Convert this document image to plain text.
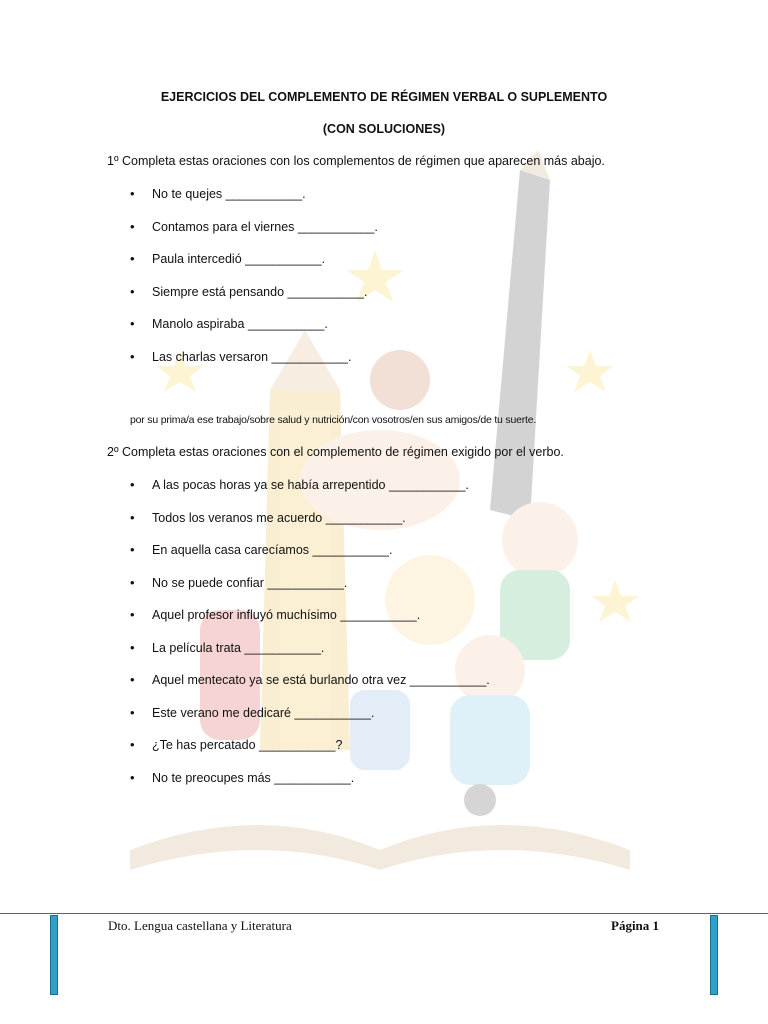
EJERCICIOS DEL COMPLEMENTO DE RÉGIMEN VERBAL O SUPLEMENTO
(CON SOLUCIONES)
1º Completa estas oraciones con los complementos de régimen que aparecen más abajo.
• No te quejes ___________.
• Contamos para el viernes ___________.
• Paula intercedió ___________.
• Siempre está pensando ___________.
• Manolo aspiraba ___________.
• Las charlas versaron ___________.
por su prima/a ese trabajo/sobre salud y nutrición/con vosotros/en sus amigos/de tu suerte.
2º Completa estas oraciones con el complemento de régimen exigido por el verbo.
• A las pocas horas ya se había arrepentido ___________.
• Todos los veranos me acuerdo ___________.
• En aquella casa carecíamos ___________.
• No se puede confiar ___________.
• Aquel profesor influyó muchísimo ___________.
• La película trata ___________.
• Aquel mentecato ya se está burlando otra vez ___________.
• Este verano me dedicaré ___________.
• ¿Te has percatado ___________?
• No te preocupes más ___________.
Dto. Lengua castellana y Literatura	Página 1
